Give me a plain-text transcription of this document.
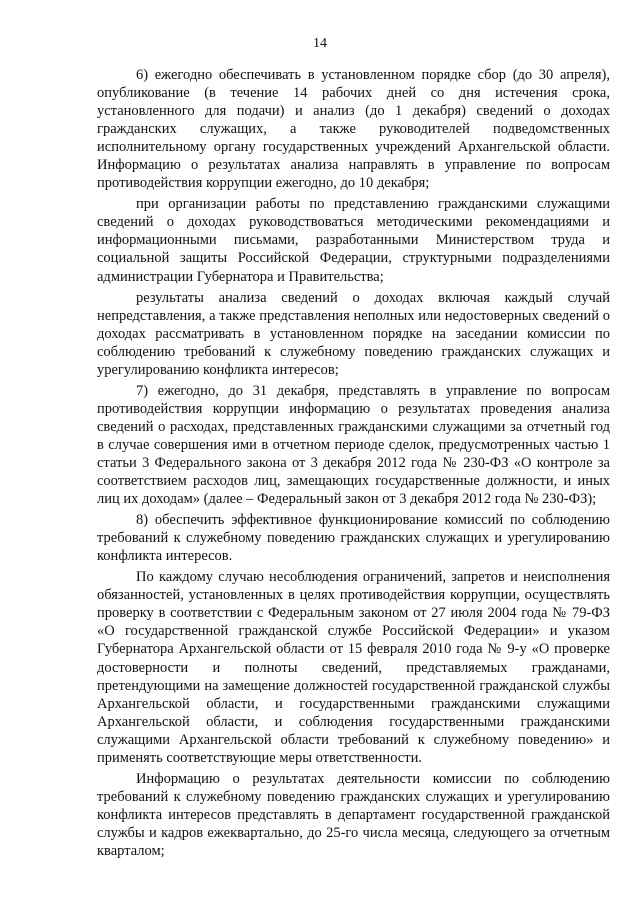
14

6) ежегодно обеспечивать в установленном порядке сбор (до 30 апреля), опубликование (в течение 14 рабочих дней со дня истечения срока, установленного для подачи) и анализ (до 1 декабря) сведений о доходах гражданских служащих, а также руководителей подведомственных исполнительному органу государственных учреждений Архангельской области. Информацию о результатах анализа направлять в управление по вопросам противодействия коррупции ежегодно, до 10 декабря;

при организации работы по представлению гражданскими служащими сведений о доходах руководствоваться методическими рекомендациями и информационными письмами, разработанными Министерством труда и социальной защиты Российской Федерации, структурными подразделениями администрации Губернатора и Правительства;

результаты анализа сведений о доходах включая каждый случай непредставления, а также представления неполных или недостоверных сведений о доходах рассматривать в установленном порядке на заседании комиссии по соблюдению требований к служебному поведению гражданских служащих и урегулированию конфликта интересов;

7) ежегодно, до 31 декабря, представлять в управление по вопросам противодействия коррупции информацию о результатах проведения анализа сведений о расходах, представленных гражданскими служащими за отчетный год в случае совершения ими в отчетном периоде сделок, предусмотренных частью 1 статьи 3 Федерального закона от 3 декабря 2012 года № 230-ФЗ «О контроле за соответствием расходов лиц, замещающих государственные должности, и иных лиц их доходам» (далее – Федеральный закон от 3 декабря 2012 года № 230-ФЗ);

8) обеспечить эффективное функционирование комиссий по соблюдению требований к служебному поведению гражданских служащих и урегулированию конфликта интересов.

По каждому случаю несоблюдения ограничений, запретов и неисполнения обязанностей, установленных в целях противодействия коррупции, осуществлять проверку в соответствии с Федеральным законом от 27 июля 2004 года № 79-ФЗ «О государственной гражданской службе Российской Федерации» и указом Губернатора Архангельской области от 15 февраля 2010 года № 9-у «О проверке достоверности и полноты сведений, представляемых гражданами, претендующими на замещение должностей государственной гражданской службы Архангельской области, и государственными гражданскими служащими Архангельской области, и соблюдения государственными гражданскими служащими Архангельской области требований к служебному поведению» и применять соответствующие меры ответственности.

Информацию о результатах деятельности комиссии по соблюдению требований к служебному поведению гражданских служащих и урегулированию конфликта интересов представлять в департамент государственной гражданской службы и кадров ежеквартально, до 25-го числа месяца, следующего за отчетным кварталом;
